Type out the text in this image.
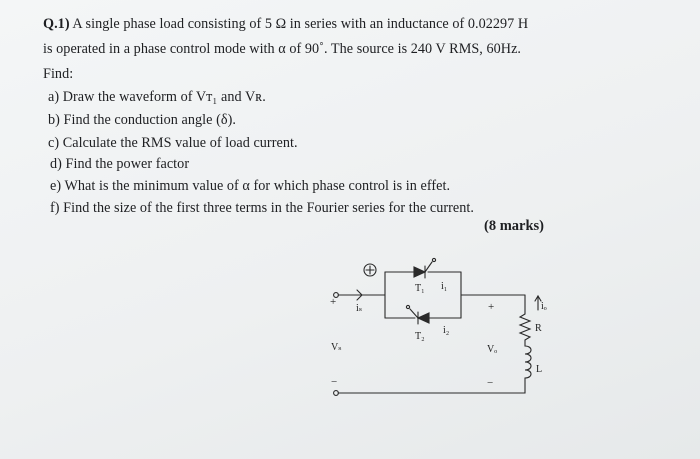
Q.1) A single phase load consisting of 5 Ω in series with an inductance of 0.02297 H
is operated in a phase control mode with α of 90˚. The source is 240 V RMS, 60Hz.
Find:
a) Draw the waveform of Vᴛ₁ and Vʀ.
b) Find the conduction angle (δ).
c) Calculate the RMS value of load current.
d) Find the power factor
e) What is the minimum value of α for which phase control is in effet.
f) Find the size of the first three terms in the Fourier series for the current.
(8 marks)
+
−
Vₛ
iₛ
T₁ i₁
T₂
i₂
+
Vₒ
−
iₒ
R
L
